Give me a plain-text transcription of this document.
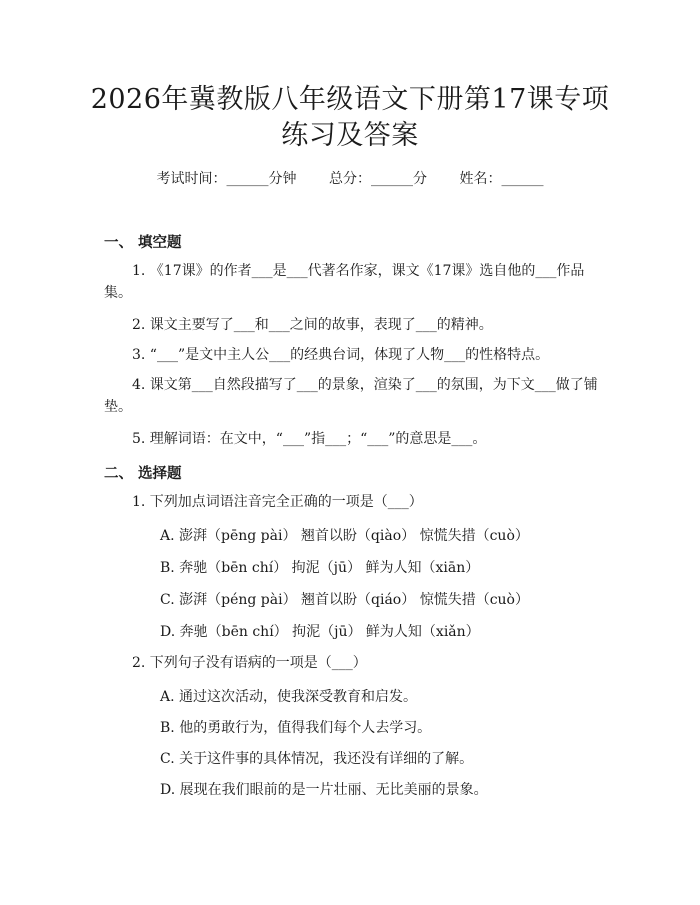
2026年冀教版八年级语文下册第17课专项
练习及答案
考试时间：______分钟 总分：______分 姓名：______
一、 填空题
1. 《17课》的作者___是___代著名作家，课文《17课》选自他的___作品集。
2. 课文主要写了___和___之间的故事，表现了___的精神。
3. “___”是文中主人公___的经典台词，体现了人物___的性格特点。
4. 课文第___自然段描写了___的景象，渲染了___的氛围，为下文___做了铺垫。
5. 理解词语：在文中，“___”指___；“___”的意思是___。
二、 选择题
1. 下列加点词语注音完全正确的一项是（___）
A. 澎湃（pēng pài） 翘首以盼（qiào） 惊慌失措（cuò）
B. 奔驰（bēn chí） 拘泥（jū） 鲜为人知（xiān）
C. 澎湃（péng pài） 翘首以盼（qiáo） 惊慌失措（cuò）
D. 奔驰（bēn chí） 拘泥（jū） 鲜为人知（xiǎn）
2. 下列句子没有语病的一项是（___）
A. 通过这次活动，使我深受教育和启发。
B. 他的勇敢行为，值得我们每个人去学习。
C. 关于这件事的具体情况，我还没有详细的了解。
D. 展现在我们眼前的是一片壮丽、无比美丽的景象。
